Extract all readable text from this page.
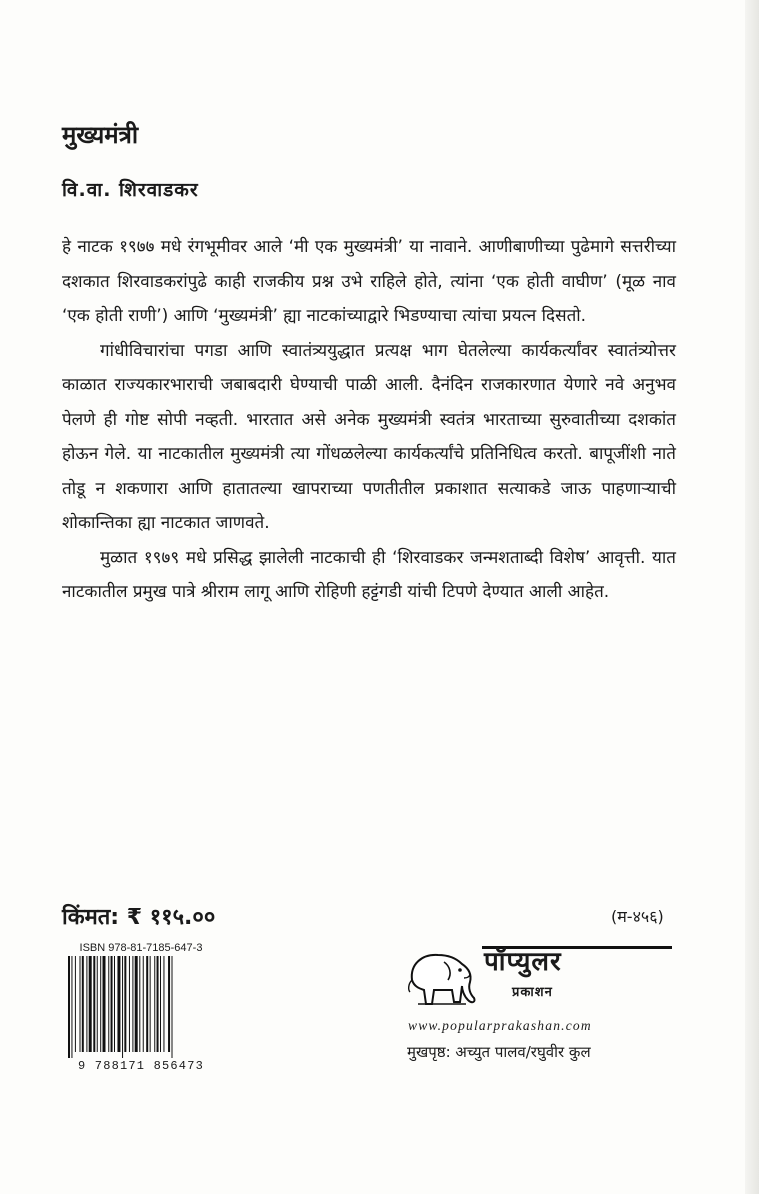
मुख्यमंत्री
वि.वा. शिरवाडकर

हे नाटक १९७७ मधे रंगभूमीवर आले ‘मी एक मुख्यमंत्री’ या नावाने. आणीबाणीच्या पुढेमागे सत्तरीच्या दशकात शिरवाडकरांपुढे काही राजकीय प्रश्न उभे राहिले होते, त्यांना ‘एक होती वाघीण’ (मूळ नाव ‘एक होती राणी’) आणि ‘मुख्यमंत्री’ ह्या नाटकांच्याद्वारे भिडण्याचा त्यांचा प्रयत्न दिसतो.

गांधीविचारांचा पगडा आणि स्वातंत्र्ययुद्धात प्रत्यक्ष भाग घेतलेल्या कार्यकर्त्यांवर स्वातंत्र्योत्तर काळात राज्यकारभाराची जबाबदारी घेण्याची पाळी आली. दैनंदिन राजकारणात येणारे नवे अनुभव पेलणे ही गोष्ट सोपी नव्हती. भारतात असे अनेक मुख्यमंत्री स्वतंत्र भारताच्या सुरुवातीच्या दशकांत होऊन गेले. या नाटकातील मुख्यमंत्री त्या गोंधळलेल्या कार्यकर्त्यांचे प्रतिनिधित्व करतो. बापूजींशी नाते तोडू न शकणारा आणि हातातल्या खापराच्या पणतीतील प्रकाशात सत्याकडे जाऊ पाहणाऱ्याची शोकान्तिका ह्या नाटकात जाणवते.

मुळात १९७९ मधे प्रसिद्ध झालेली नाटकाची ही ‘शिरवाडकर जन्मशताब्दी विशेष’ आवृत्ती. यात नाटकातील प्रमुख पात्रे श्रीराम लागू आणि रोहिणी हट्टंगडी यांची टिपणे देण्यात आली आहेत.

किंमत: ₹ ११५.००	(म-४५६)

ISBN 978-81-7185-647-3

9 788171 856473
पॉप्युलर
प्रकाशन
www.popularprakashan.com
मुखपृष्ठ: अच्युत पालव/रघुवीर कुल
